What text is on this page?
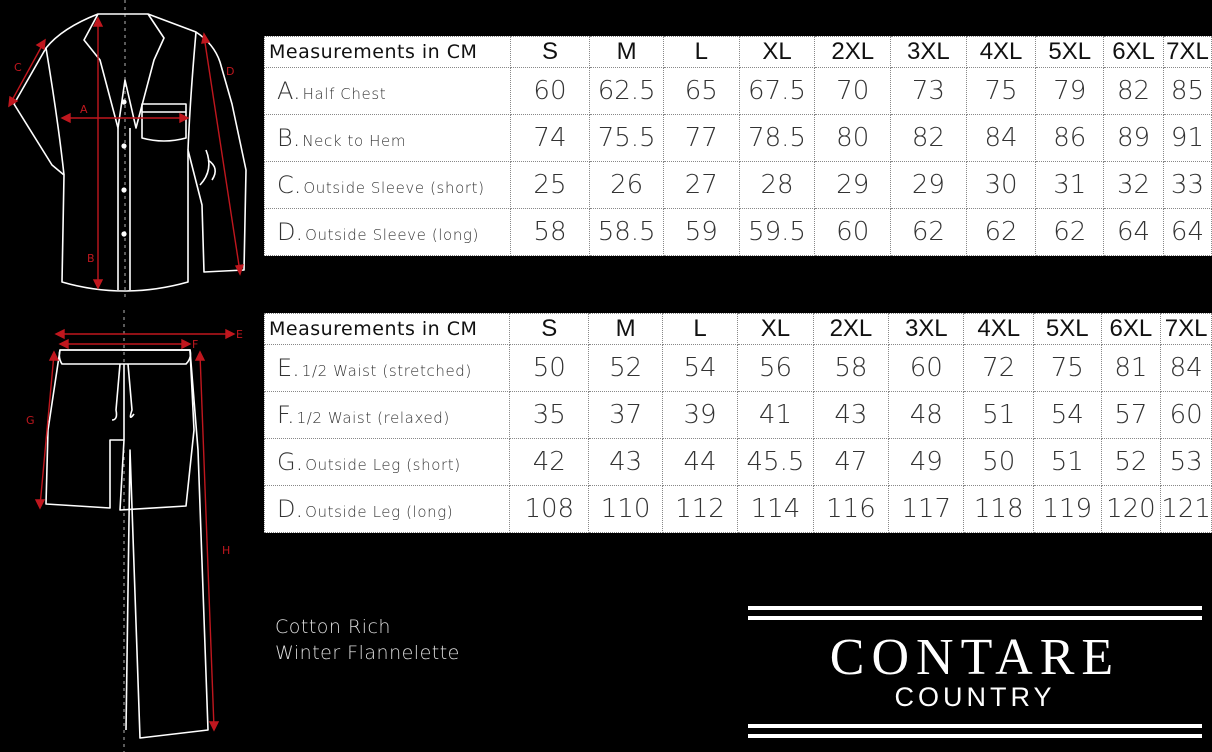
A
B
C	D
E
F
G
H
Measurements in CM	S	M	L	XL	2XL	3XL	4XL	5XL	6XL	7XL
A. Half Chest	60	62.5	65	67.5	70	73	75	79	82	85
B. Neck to Hem	74	75.5	77	78.5	80	82	84	86	89	91
C. Outside Sleeve (short)	25	26	27	28	29	29	30	31	32	33
D. Outside Sleeve (long)	58	58.5	59	59.5	60	62	62	62	64	64
Measurements in CM	S	M	L	XL	2XL	3XL	4XL	5XL	6XL	7XL
E. 1/2 Waist (stretched)	50	52	54	56	58	60	72	75	81	84
F. 1/2 Waist (relaxed)	35	37	39	41	43	48	51	54	57	60
G. Outside Leg (short)	42	43	44	45.5	47	49	50	51	52	53
D. Outside Leg (long)	108	110	112	114	116	117	118	119	120	121
Cotton Rich
Winter Flannelette	CONTARE
COUNTRY
